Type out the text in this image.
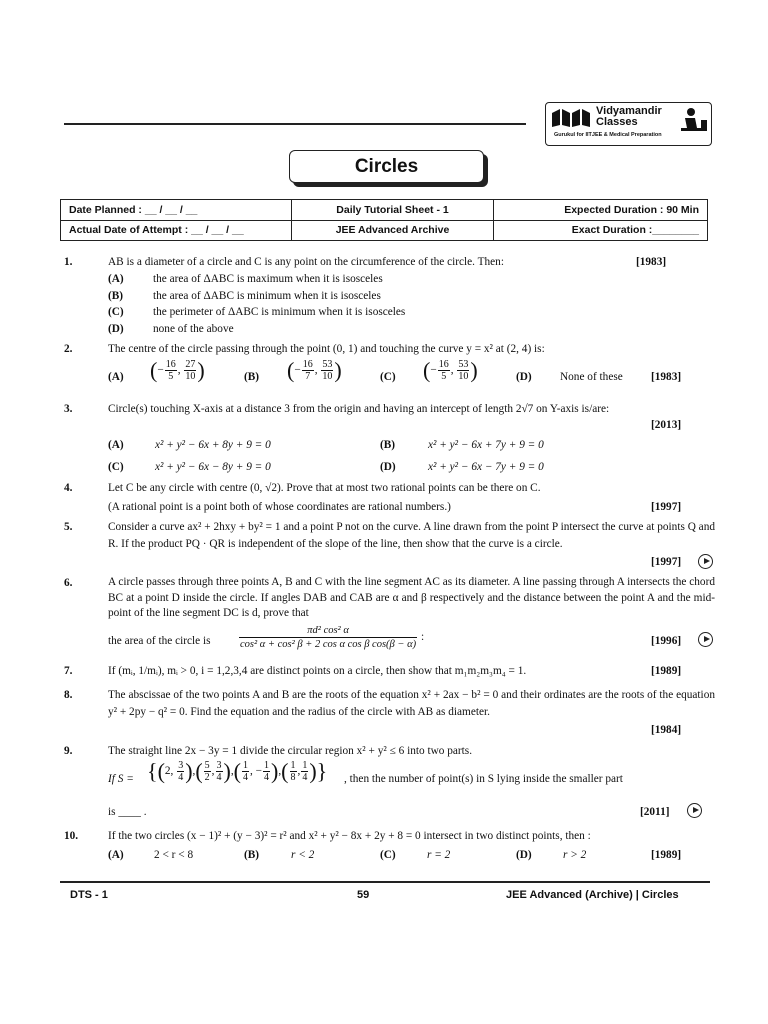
Vidyamandir Classes
Gurukul for IITJEE & Medical Preparation
Circles
Date Planned : __ / __ / __	Daily Tutorial Sheet - 1	Expected Duration : 90 Min
Actual Date of Attempt : __ / __ / __	JEE Advanced Archive	Exact Duration :________
1.	AB is a diameter of a circle and C is any point on the circumference of the circle. Then:	[1983]
(A)	the area of ΔABC is maximum when it is isosceles
(B)	the area of ΔABC is minimum when it is isosceles
(C)	the perimeter of ΔABC is minimum when it is isosceles
(D)	none of the above
2.	The centre of the circle passing through the point (0, 1) and touching the curve y = x² at (2, 4) is:
(A) (− $\frac{16}{5}$ , $\frac{27}{10}$ )	(B) (− $\frac{16}{7}$ , $\frac{53}{10}$ )	(C) (− $\frac{16}{5}$ , $\frac{53}{10}$ )	(D)	None of these	[1983]
3.	Circle(s) touching X-axis at a distance 3 from the origin and having an intercept of length 2√7 on Y-axis is/are:
[2013]
(A)	x² + y² − 6x + 8y + 9 = 0	(B)	x² + y² − 6x + 7y + 9 = 0
(C)	x² + y² − 6x − 8y + 9 = 0	(D)	x² + y² − 6x − 7y + 9 = 0
4.	Let C be any circle with centre (0, √2). Prove that at most two rational points can be there on C.
(A rational point is a point both of whose coordinates are rational numbers.)	[1997]
5.	Consider a curve ax² + 2hxy + by² = 1 and a point P not on the curve. A line drawn from the point P intersect the curve at points Q and R. If the product PQ · QR is independent of the slope of the line, then show that the curve is a circle.
[1997]
6.	A circle passes through three points A, B and C with the line segment AC as its diameter. A line passing through A intersects the chord BC at a point D inside the circle. If angles DAB and CAB are α and β respectively and the distance between the point A and the mid-point of the line segment DC is d, prove that
the area of the circle is	$\frac{\text{πd² cos² α}}{\text{cos² α + cos² β + 2 cos α cos β cos(β − α)}}$ :	[1996]
7.	If (mᵢ, 1/mᵢ), mᵢ > 0, i = 1,2,3,4 are distinct points on a circle, then show that m₁m₂m₃m₄ = 1.	[1989]
8.	The abscissae of the two points A and B are the roots of the equation x² + 2ax − b² = 0 and their ordinates are the roots of the equation y² + 2py − q² = 0. Find the equation and the radius of the circle with AB as diameter.
[1984]
9.	The straight line 2x − 3y = 1 divide the circular region x² + y² ≤ 6 into two parts.
If S = {(2, $\frac{3}{4}$ ),( $\frac{5}{2}$ , $\frac{3}{4}$ ),( $\frac{1}{4}$ , − $\frac{1}{4}$ ),( $\frac{1}{8}$ , $\frac{1}{4}$ )} , then the number of point(s) in S lying inside the smaller part
is ____ .	[2011]
10.	If the two circles (x − 1)² + (y − 3)² = r² and x² + y² − 8x + 2y + 8 = 0 intersect in two distinct points, then :
(A)	2 < r < 8	(B)	r < 2	(C)	r = 2	(D)	r > 2	[1989]
DTS - 1	59	JEE Advanced (Archive) | Circles
